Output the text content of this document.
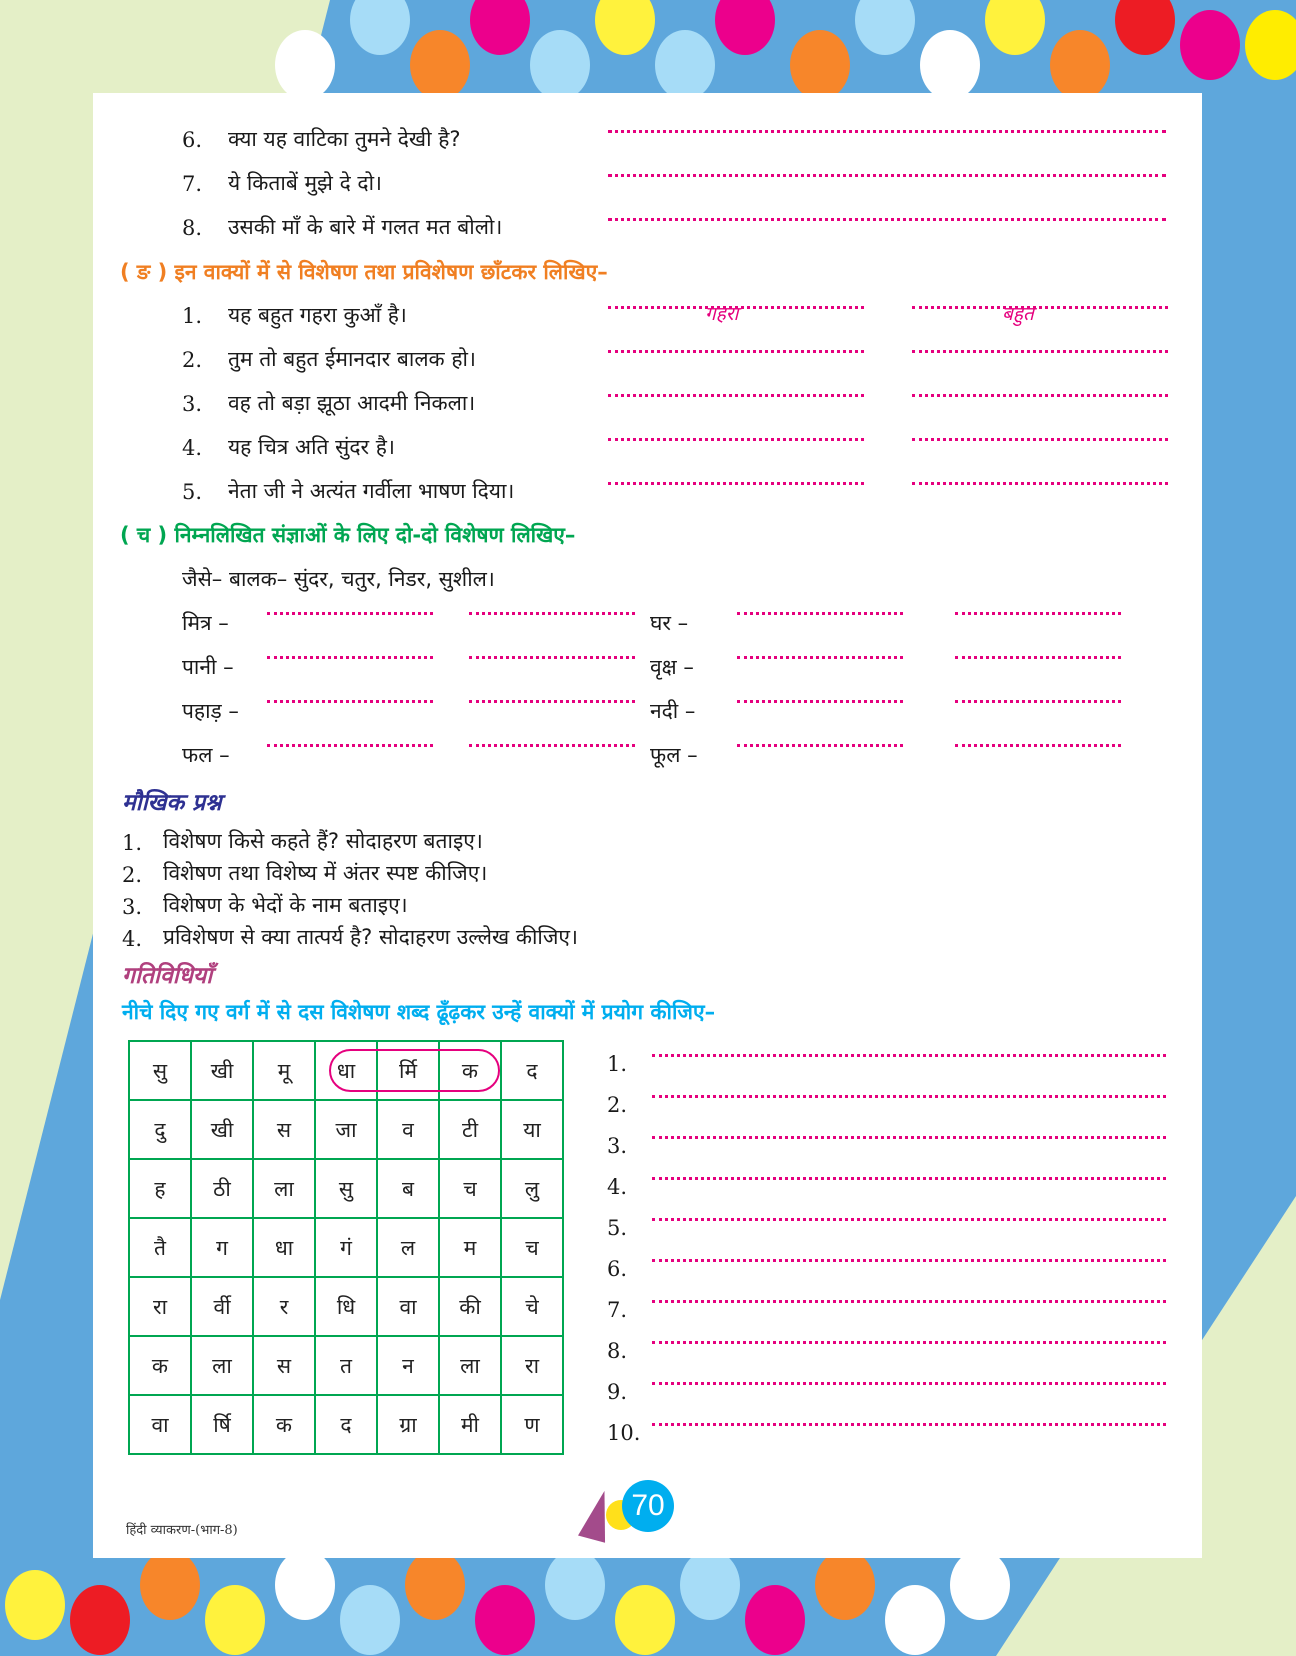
6. क्या यह वाटिका तुमने देखी है?
7. ये किताबें मुझे दे दो।
8. उसकी माँ के बारे में गलत मत बोलो।
( ङ ) इन वाक्यों में से विशेषण तथा प्रविशेषण छाँटकर लिखिए–
1. यह बहुत गहरा कुआँ है।	गहरा	बहुत
2. तुम तो बहुत ईमानदार बालक हो।
3. वह तो बड़ा झूठा आदमी निकला।
4. यह चित्र अति सुंदर है।
5. नेता जी ने अत्यंत गर्वीला भाषण दिया।
( च ) निम्नलिखित संज्ञाओं के लिए दो-दो विशेषण लिखिए–
जैसे– बालक– सुंदर, चतुर, निडर, सुशील।
मित्र –	घर –
पानी –	वृक्ष –
पहाड़ –	नदी –
फल –	फूल –
मौखिक प्रश्न
1. विशेषण किसे कहते हैं? सोदाहरण बताइए।
2. विशेषण तथा विशेष्य में अंतर स्पष्ट कीजिए।
3. विशेषण के भेदों के नाम बताइए।
4. प्रविशेषण से क्या तात्पर्य है? सोदाहरण उल्लेख कीजिए।
गतिविधियाँ
नीचे दिए गए वर्ग में से दस विशेषण शब्द ढूँढ़कर उन्हें वाक्यों में प्रयोग कीजिए–
सु	खी	मू	धा	र्मि	क	द
दु	खी	स	जा	व	टी	या
ह	ठी	ला	सु	ब	च	लु
तै	ग	धा	गं	ल	म	च
रा	र्वी	र	धि	वा	की	चे
क	ला	स	त	न	ला	रा
वा	र्षि	क	द	ग्रा	मी	ण
1.
2.
3.
4.
5.
6.
7.
8.
9.
10.
हिंदी व्याकरण-(भाग-8)
70
